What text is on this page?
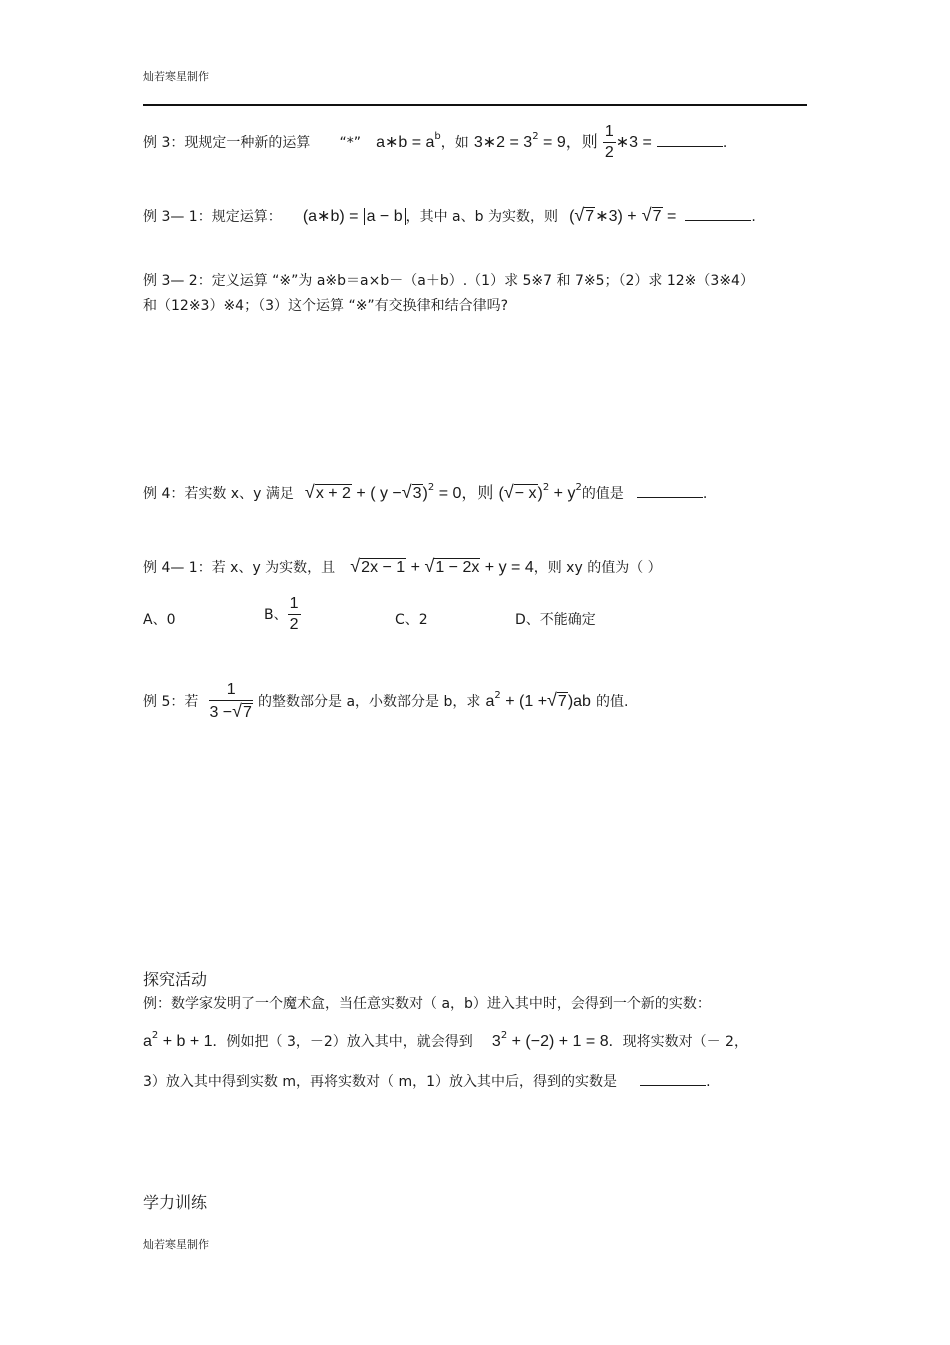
灿若寒星制作
例 3：现规定一种新的运算 “*” a∗b = $a^b$，如 3∗2 = $3^2 = 9$，则 $\frac{1}{2}$ ∗3 =	.
例 3— 1：规定运算： (a∗b) = a − b ，其中 a、b 为实数，则 (√7∗3) + √7 =	.
例 3— 2：定义运算 “※”为 a※b＝a×b－（a＋b）.（1）求 5※7 和 7※5；（2）求 12※（3※4）
和（12※3）※4；（3）这个运算 “※”有交换律和结合律吗?
例 4：若实数 x、y 满足 √x + 2 + ( y −√3)$^2$ = 0，则 (√− $x)^2 + y^2$的值是	.
例 4— 1：若 x、y 为实数，且 √2x − 1 + √1 − 2x + y = 4，则 xy 的值为（ ）
A、0	B、 $\frac{1}{2}$	C、2	D、不能确定
例 5：若 $\frac{1}{3 -√7}$ 的整数部分是 a，小数部分是 b，求 $a^2 + (1 +√7)ab$ 的值.
探究活动
例：数学家发明了一个魔术盒，当任意实数对（ a，b）进入其中时，会得到一个新的实数：
$a^2 + b + 1$．例如把（ 3，－2）放入其中，就会得到 $3^2 + (-2) + 1 = 8$．现将实数对（－ 2，
3）放入其中得到实数 m，再将实数对（ m，1）放入其中后，得到的实数是	.
学力训练
灿若寒星制作
